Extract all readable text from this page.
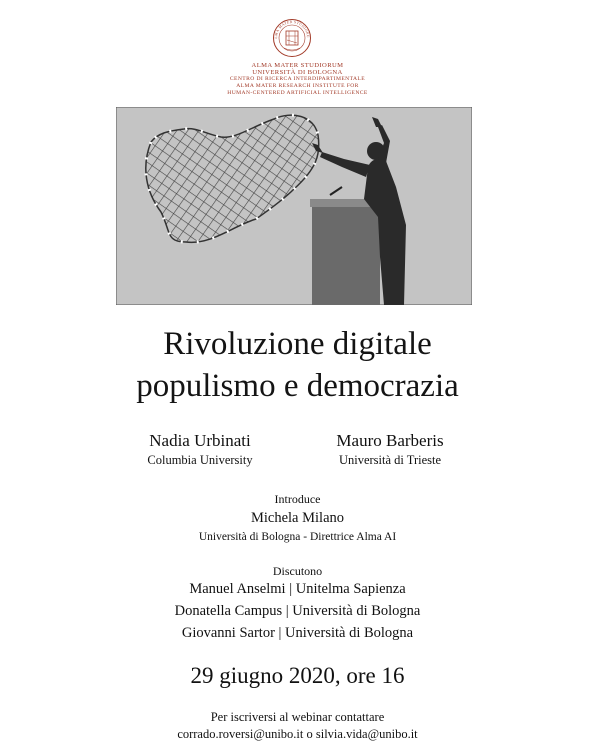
LMA MATER STUDIORU
ALMA MATER STUDIORUM
UNIVERSITÀ DI BOLOGNA
CENTRO DI RICERCA INTERDIPARTIMENTALE
ALMA MATER RESEARCH INSTITUTE FOR
HUMAN-CENTERED ARTIFICIAL INTELLIGENCE
Rivoluzione digitale
populismo e democrazia
Nadia Urbinati
Columbia University
Mauro Barberis
Università di Trieste
Introduce
Michela Milano
Università di Bologna - Direttrice Alma AI
Discutono
Manuel Anselmi | Unitelma Sapienza
Donatella Campus | Università di Bologna
Giovanni Sartor | Università di Bologna
29 giugno 2020, ore 16
Per iscriversi al webinar contattare
corrado.roversi@unibo.it o silvia.vida@unibo.it
